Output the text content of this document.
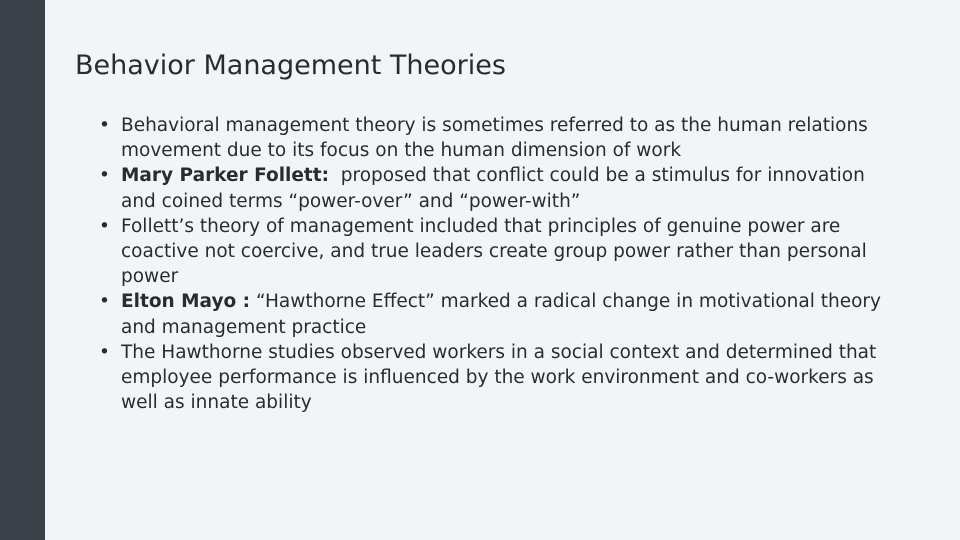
Behavior Management Theories
• Behavioral management theory is sometimes referred to as the human relations movement due to its focus on the human dimension of work
• Mary Parker Follett:  proposed that conflict could be a stimulus for innovation and coined terms “power-over” and “power-with”
• Follett’s theory of management included that principles of genuine power are coactive not coercive, and true leaders create group power rather than personal power
• Elton Mayo : “Hawthorne Effect” marked a radical change in motivational theory and management practice
• The Hawthorne studies observed workers in a social context and determined that employee performance is influenced by the work environment and co-workers as well as innate ability
